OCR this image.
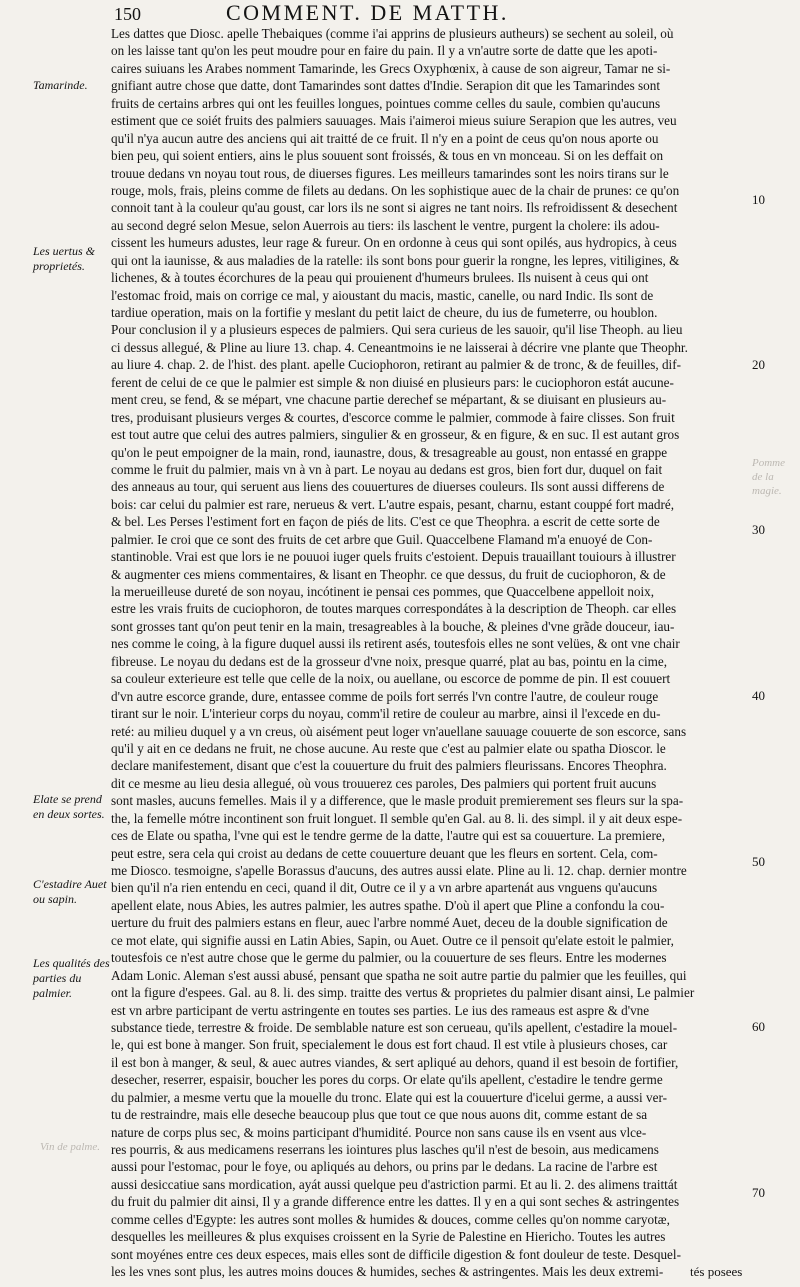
150	COMMENT. DE MATTH.
Tamarinde.
Les uertus & proprietés.
Elate se prend en deux sortes.
C'estadire Auet ou sapin.
Les qualités des parties du palmier.
Pomme de la magie.
Vin de palme.
10
20
30
40
50
60
70
Les dattes que Diosc. apelle Thebaiques (comme i'ai apprins de plusieurs autheurs) se sechent au soleil, où
on les laisse tant qu'on les peut moudre pour en faire du pain. Il y a vn'autre sorte de datte que les apoti-
caires suiuans les Arabes nomment Tamarinde, les Grecs Oxyphœnix, à cause de son aigreur, Tamar ne si-
gnifiant autre chose que datte, dont Tamarindes sont dattes d'Indie. Serapion dit que les Tamarindes sont
fruits de certains arbres qui ont les feuilles longues, pointues comme celles du saule, combien qu'aucuns
estiment que ce soiét fruits des palmiers sauuages. Mais i'aimeroi mieus suiure Serapion que les autres, veu
qu'il n'ya aucun autre des anciens qui ait traitté de ce fruit. Il n'y en a point de ceus qu'on nous aporte ou
bien peu, qui soient entiers, ains le plus souuent sont froissés, & tous en vn monceau. Si on les deffait on
trouue dedans vn noyau tout rous, de diuerses figures. Les meilleurs tamarindes sont les noirs tirans sur le
rouge, mols, frais, pleins comme de filets au dedans. On les sophistique auec de la chair de prunes: ce qu'on
connoit tant à la couleur qu'au goust, car lors ils ne sont si aigres ne tant noirs. Ils refroidissent & desechent
au second degré selon Mesue, selon Auerrois au tiers: ils laschent le ventre, purgent la cholere: ils adou-
cissent les humeurs adustes, leur rage & fureur. On en ordonne à ceus qui sont opilés, aus hydropics, à ceus
qui ont la iaunisse, & aus maladies de la ratelle: ils sont bons pour guerir la rongne, les lepres, vitiligines, &
lichenes, & à toutes écorchures de la peau qui prouienent d'humeurs brulees. Ils nuisent à ceus qui ont
l'estomac froid, mais on corrige ce mal, y aioustant du macis, mastic, canelle, ou nard Indic. Ils sont de
tardiue operation, mais on la fortifie y meslant du petit laict de cheure, du ius de fumeterre, ou houblon.
Pour conclusion il y a plusieurs especes de palmiers. Qui sera curieus de les sauoir, qu'il lise Theoph. au lieu
ci dessus allegué, & Pline au liure 13. chap. 4. Ceneantmoins ie ne laisserai à décrire vne plante que Theophr.
au liure 4. chap. 2. de l'hist. des plant. apelle Cuciophoron, retirant au palmier & de tronc, & de feuilles, dif-
ferent de celui de ce que le palmier est simple & non diuisé en plusieurs pars: le cuciophoron estát aucune-
ment creu, se fend, & se mépart, vne chacune partie derechef se mépartant, & se diuisant en plusieurs au-
tres, produisant plusieurs verges & courtes, d'escorce comme le palmier, commode à faire clisses. Son fruit
est tout autre que celui des autres palmiers, singulier & en grosseur, & en figure, & en suc. Il est autant gros
qu'on le peut empoigner de la main, rond, iaunastre, dous, & tresagreable au goust, non entassé en grappe
comme le fruit du palmier, mais vn à vn à part. Le noyau au dedans est gros, bien fort dur, duquel on fait
des anneaus au tour, qui seruent aus liens des couuertures de diuerses couleurs. Ils sont aussi differens de
bois: car celui du palmier est rare, nerueus & vert. L'autre espais, pesant, charnu, estant couppé fort madré,
& bel. Les Perses l'estiment fort en façon de piés de lits. C'est ce que Theophra. a escrit de cette sorte de
palmier. Ie croi que ce sont des fruits de cet arbre que Guil. Quaccelbene Flamand m'a enuoyé de Con-
stantinoble. Vrai est que lors ie ne pouuoi iuger quels fruits c'estoient. Depuis trauaillant touiours à illustrer
& augmenter ces miens commentaires, & lisant en Theophr. ce que dessus, du fruit de cuciophoron, & de
la merueilleuse dureté de son noyau, incótinent ie pensai ces pommes, que Quaccelbene appelloit noix,
estre les vrais fruits de cuciophoron, de toutes marques correspondátes à la description de Theoph. car elles
sont grosses tant qu'on peut tenir en la main, tresagreables à la bouche, & pleines d'vne grãde douceur, iau-
nes comme le coing, à la figure duquel aussi ils retirent asés, toutesfois elles ne sont velües, & ont vne chair
fibreuse. Le noyau du dedans est de la grosseur d'vne noix, presque quarré, plat au bas, pointu en la cime,
sa couleur exterieure est telle que celle de la noix, ou auellane, ou escorce de pomme de pin. Il est couuert
d'vn autre escorce grande, dure, entassee comme de poils fort serrés l'vn contre l'autre, de couleur rouge
tirant sur le noir. L'interieur corps du noyau, comm'il retire de couleur au marbre, ainsi il l'excede en du-
reté: au milieu duquel y a vn creus, où aisément peut loger vn'auellane sauuage couuerte de son escorce, sans
qu'il y ait en ce dedans ne fruit, ne chose aucune. Au reste que c'est au palmier elate ou spatha Dioscor. le
declare manifestement, disant que c'est la couuerture du fruit des palmiers fleurissans. Encores Theophra.
dit ce mesme au lieu desia allegué, où vous trouuerez ces paroles, Des palmiers qui portent fruit aucuns
sont masles, aucuns femelles. Mais il y a difference, que le masle produit premierement ses fleurs sur la spa-
the, la femelle mótre incontinent son fruit longuet. Il semble qu'en Gal. au 8. li. des simpl. il y ait deux espe-
ces de Elate ou spatha, l'vne qui est le tendre germe de la datte, l'autre qui est sa couuerture. La premiere,
peut estre, sera cela qui croist au dedans de cette couuerture deuant que les fleurs en sortent. Cela, com-
me Diosco. tesmoigne, s'apelle Borassus d'aucuns, des autres aussi elate. Pline au li. 12. chap. dernier montre
bien qu'il n'a rien entendu en ceci, quand il dit, Outre ce il y a vn arbre apartenát aus vnguens qu'aucuns
apellent elate, nous Abies, les autres palmier, les autres spathe. D'où il apert que Pline a confondu la cou-
uerture du fruit des palmiers estans en fleur, auec l'arbre nommé Auet, deceu de la double signification de
ce mot elate, qui signifie aussi en Latin Abies, Sapin, ou Auet. Outre ce il pensoit qu'elate estoit le palmier,
toutesfois ce n'est autre chose que le germe du palmier, ou la couuerture de ses fleurs. Entre les modernes
Adam Lonic. Aleman s'est aussi abusé, pensant que spatha ne soit autre partie du palmier que les feuilles, qui
ont la figure d'espees. Gal. au 8. li. des simp. traitte des vertus & proprietes du palmier disant ainsi, Le palmier
est vn arbre participant de vertu astringente en toutes ses parties. Le ius des rameaus est aspre & d'vne
substance tiede, terrestre & froide. De semblable nature est son cerueau, qu'ils apellent, c'estadire la mouel-
le, qui est bone à manger. Son fruit, specialement le dous est fort chaud. Il est vtile à plusieurs choses, car
il est bon à manger, & seul, & auec autres viandes, & sert apliqué au dehors, quand il est besoin de fortifier,
desecher, reserrer, espaisir, boucher les pores du corps. Or elate qu'ils apellent, c'estadire le tendre germe
du palmier, a mesme vertu que la mouelle du tronc. Elate qui est la couuerture d'icelui germe, a aussi ver-
tu de restraindre, mais elle deseche beaucoup plus que tout ce que nous auons dit, comme estant de sa
nature de corps plus sec, & moins participant d'humidité. Pource non sans cause ils en vsent aus vlce-
res pourris, & aus medicamens reserrans les iointures plus lasches qu'il n'est de besoin, aus medicamens
aussi pour l'estomac, pour le foye, ou apliqués au dehors, ou prins par le dedans. La racine de l'arbre est
aussi desiccatiue sans mordication, ayát aussi quelque peu d'astriction parmi. Et au li. 2. des alimens traittát
du fruit du palmier dit ainsi, Il y a grande difference entre les dattes. Il y en a qui sont seches & astringentes
comme celles d'Egypte: les autres sont molles & humides & douces, comme celles qu'on nomme caryotæ,
desquelles les meilleures & plus exquises croissent en la Syrie de Palestine en Hiericho. Toutes les autres
sont moyénes entre ces deux especes, mais elles sont de difficile digestion & font douleur de teste. Desquel-
les les vnes sont plus, les autres moins douces & humides, seches & astringentes. Mais les deux extremi-	tés posees
